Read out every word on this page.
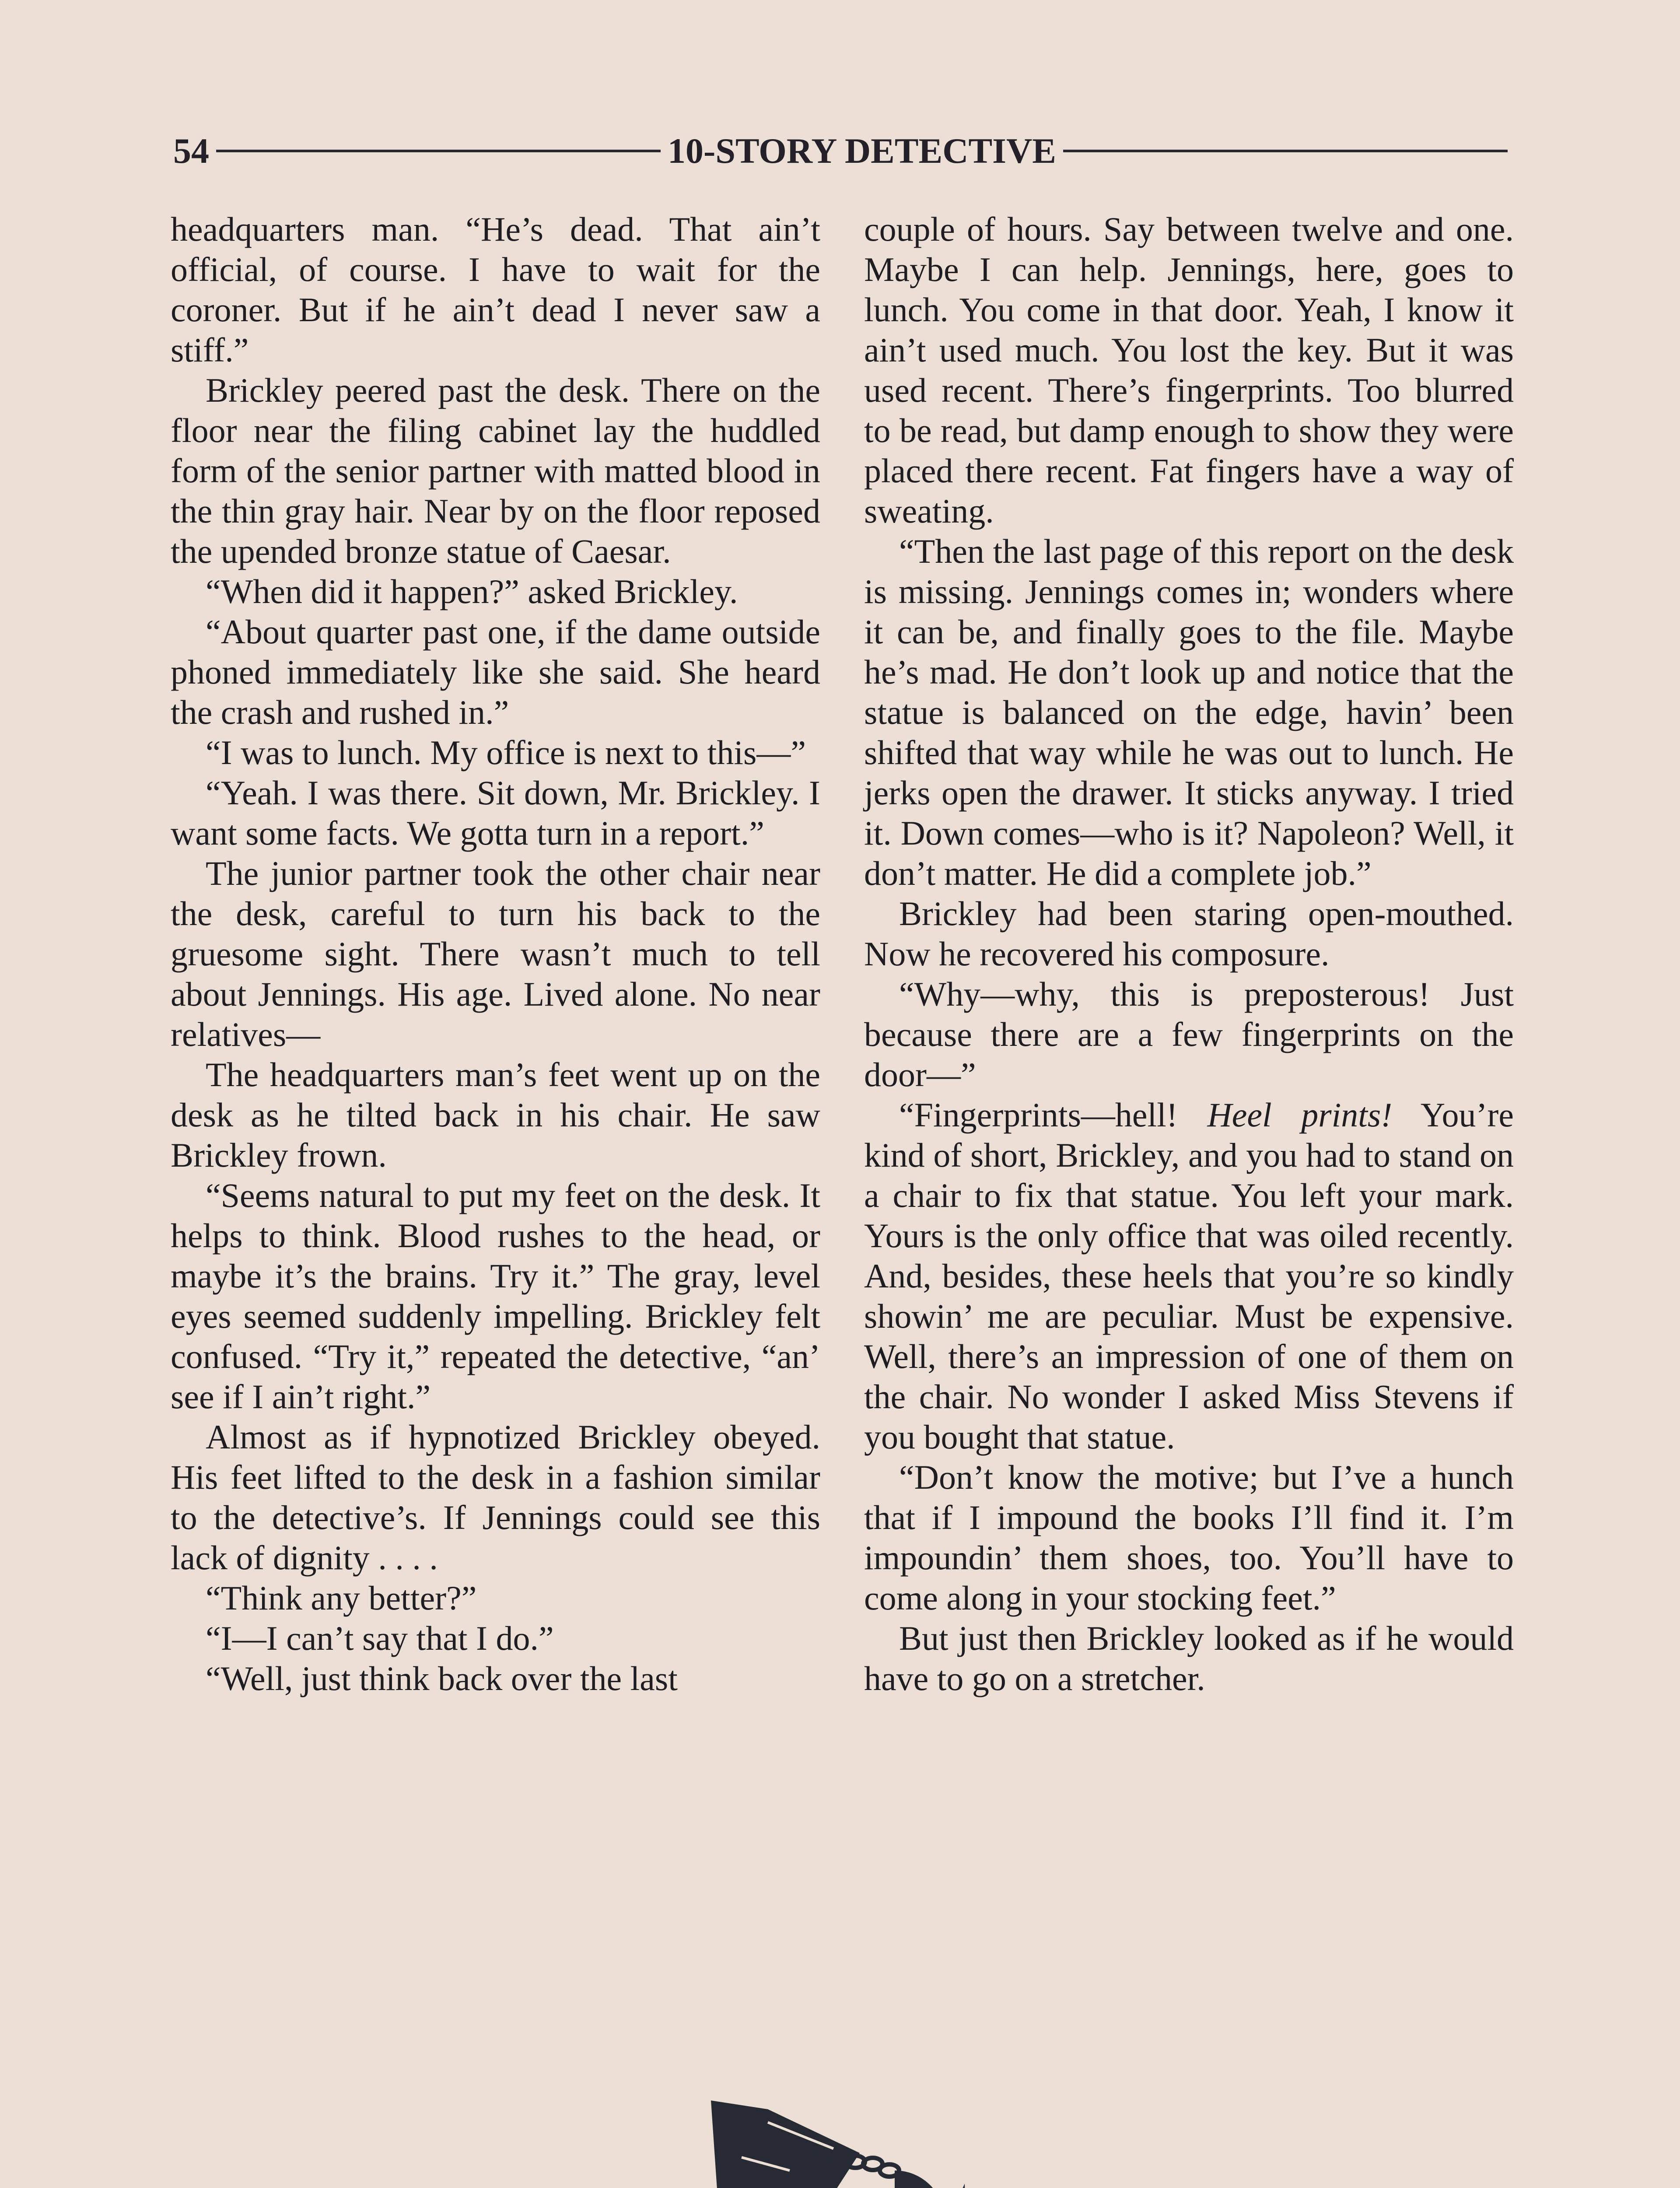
54	10-STORY DETECTIVE

headquarters man. “He’s dead. That ain’t official, of course. I have to wait for the coroner. But if he ain’t dead I never saw a stiff.”

Brickley peered past the desk. There on the floor near the filing cabinet lay the huddled form of the senior partner with matted blood in the thin gray hair. Near by on the floor reposed the upended bronze statue of Caesar.

“When did it happen?” asked Brickley.

“About quarter past one, if the dame outside phoned immediately like she said. She heard the crash and rushed in.”

“I was to lunch. My office is next to this—”

“Yeah. I was there. Sit down, Mr. Brickley. I want some facts. We gotta turn in a report.”

The junior partner took the other chair near the desk, careful to turn his back to the gruesome sight. There wasn’t much to tell about Jennings. His age. Lived alone. No near relatives—

The headquarters man’s feet went up on the desk as he tilted back in his chair. He saw Brickley frown.

“Seems natural to put my feet on the desk. It helps to think. Blood rushes to the head, or maybe it’s the brains. Try it.” The gray, level eyes seemed suddenly impelling. Brickley felt confused. “Try it,” repeated the detective, “an’ see if I ain’t right.”

Almost as if hypnotized Brickley obeyed. His feet lifted to the desk in a fashion similar to the detective’s. If Jennings could see this lack of dignity . . . .

“Think any better?”

“I—I can’t say that I do.”

“Well, just think back over the last

couple of hours. Say between twelve and one. Maybe I can help. Jennings, here, goes to lunch. You come in that door. Yeah, I know it ain’t used much. You lost the key. But it was used recent. There’s fingerprints. Too blurred to be read, but damp enough to show they were placed there recent. Fat fingers have a way of sweating.

“Then the last page of this report on the desk is missing. Jennings comes in; wonders where it can be, and finally goes to the file. Maybe he’s mad. He don’t look up and notice that the statue is balanced on the edge, havin’ been shifted that way while he was out to lunch. He jerks open the drawer. It sticks anyway. I tried it. Down comes—who is it? Napoleon? Well, it don’t matter. He did a complete job.”

Brickley had been staring open-mouthed. Now he recovered his composure.

“Why—why, this is preposterous! Just because there are a few fingerprints on the door—”

“Fingerprints—hell! Heel prints! You’re kind of short, Brickley, and you had to stand on a chair to fix that statue. You left your mark. Yours is the only office that was oiled recently. And, besides, these heels that you’re so kindly showin’ me are peculiar. Must be expensive. Well, there’s an impression of one of them on the chair. No wonder I asked Miss Stevens if you bought that statue.

“Don’t know the motive; but I’ve a hunch that if I impound the books I’ll find it. I’m impoundin’ them shoes, too. You’ll have to come along in your stocking feet.”

But just then Brickley looked as if he would have to go on a stretcher.
